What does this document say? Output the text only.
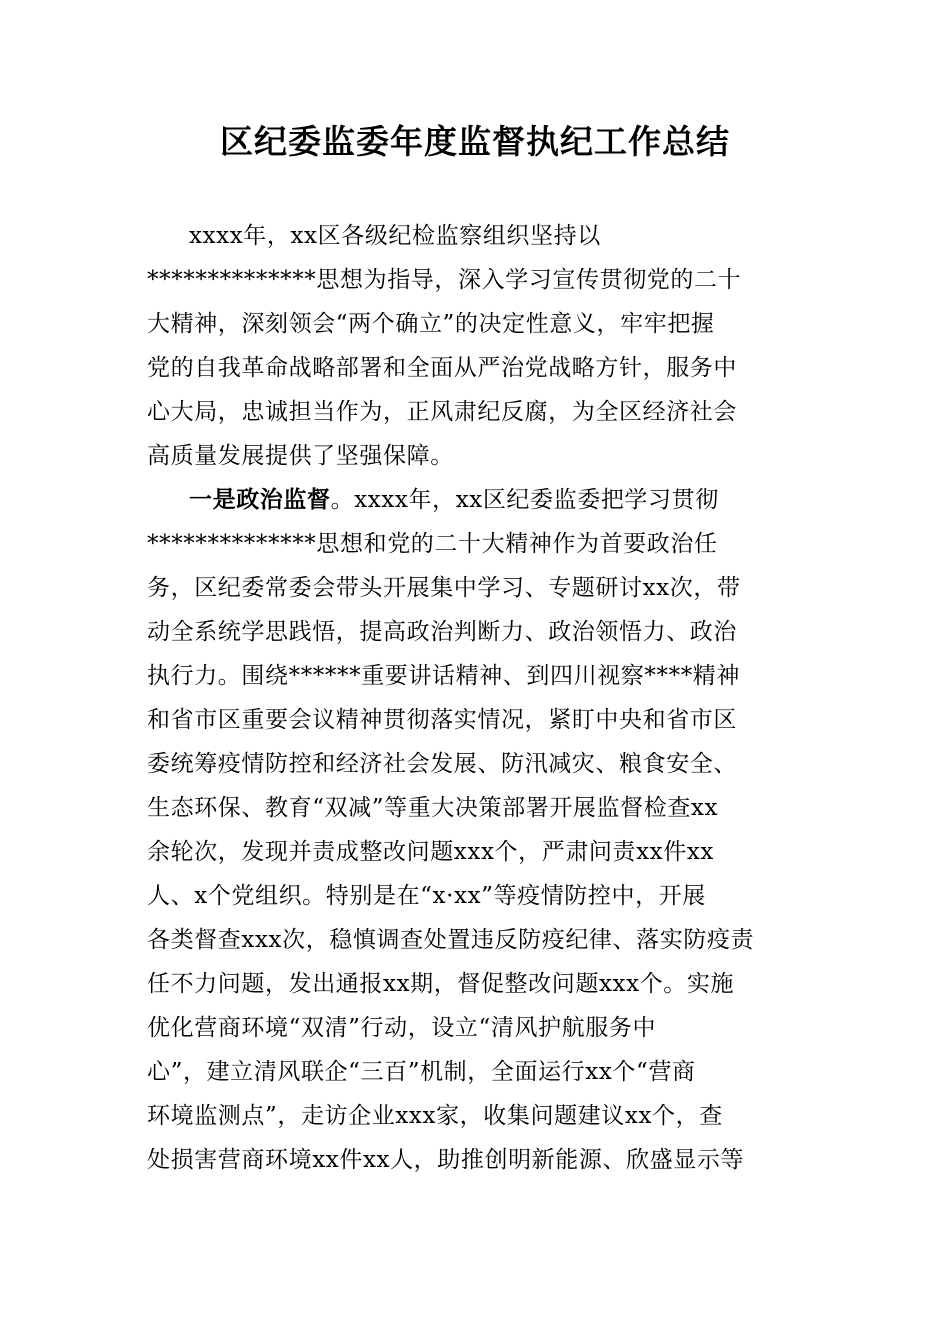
区纪委监委年度监督执纪工作总结
xxxx年，xx区各级纪检监察组织坚持以
**************思想为指导，深入学习宣传贯彻党的二十
大精神，深刻领会“两个确立”的决定性意义，牢牢把握
党的自我革命战略部署和全面从严治党战略方针，服务中
心大局，忠诚担当作为，正风肃纪反腐，为全区经济社会
高质量发展提供了坚强保障。
一是政治监督。xxxx年，xx区纪委监委把学习贯彻
**************思想和党的二十大精神作为首要政治任
务，区纪委常委会带头开展集中学习、专题研讨xx次，带
动全系统学思践悟，提高政治判断力、政治领悟力、政治
执行力。围绕******重要讲话精神、到四川视察****精神
和省市区重要会议精神贯彻落实情况，紧盯中央和省市区
委统筹疫情防控和经济社会发展、防汛减灾、粮食安全、
生态环保、教育“双减”等重大决策部署开展监督检查xx
余轮次，发现并责成整改问题xxx个，严肃问责xx件xx
人、x个党组织。特别是在“x·xx”等疫情防控中，开展
各类督查xxx次，稳慎调查处置违反防疫纪律、落实防疫责
任不力问题，发出通报xx期，督促整改问题xxx个。实施
优化营商环境“双清”行动，设立“清风护航服务中
心”，建立清风联企“三百”机制，全面运行xx个“营商
环境监测点”，走访企业xxx家，收集问题建议xx个，查
处损害营商环境xx件xx人，助推创明新能源、欣盛显示等
